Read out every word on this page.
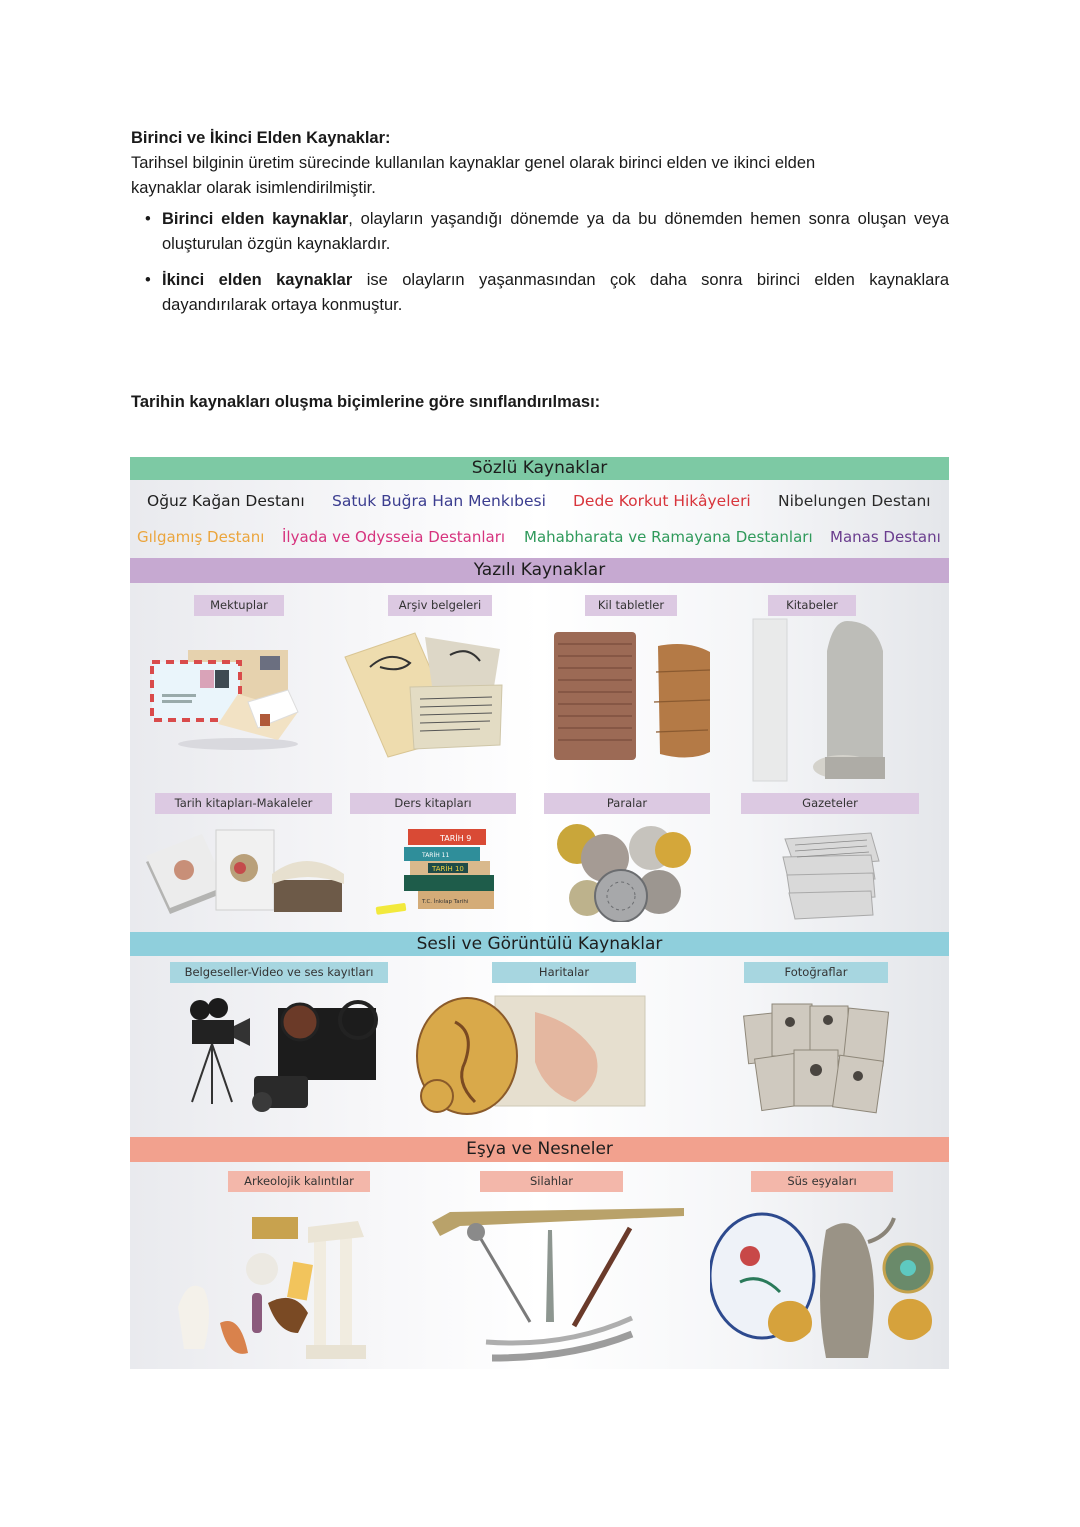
Birinci ve İkinci Elden Kaynaklar:
Tarihsel bilginin üretim sürecinde kullanılan kaynaklar genel olarak birinci elden ve ikinci elden
kaynaklar olarak isimlendirilmiştir.
• Birinci elden kaynaklar, olayların yaşandığı dönemde ya da bu dönemden hemen sonra oluşan veya oluşturulan özgün kaynaklardır.
• İkinci elden kaynaklar ise olayların yaşanmasından çok daha sonra birinci elden kaynaklara dayandırılarak ortaya konmuştur.
Tarihin kaynakları oluşma biçimlerine göre sınıflandırılması:
Sözlü Kaynaklar
Oğuz Kağan Destanı Satuk Buğra Han Menkıbesi Dede Korkut Hikâyeleri Nibelungen Destanı
Gılgamış Destanı İlyada ve Odysseia Destanları Mahabharata ve Ramayana Destanları Manas Destanı
Yazılı Kaynaklar
Mektuplar	Arşiv belgeleri	Kil tabletler	Kitabeler
Tarih kitapları-Makaleler	Ders kitapları	Paralar	Gazeteler
TARİH 9
TARİH 11
TARİH 10
T.C. İnkılap Tarihi
Sesli ve Görüntülü Kaynaklar
Belgeseller-Video ve ses kayıtları	Haritalar	Fotoğraflar
Eşya ve Nesneler
Arkeolojik kalıntılar	Silahlar	Süs eşyaları
